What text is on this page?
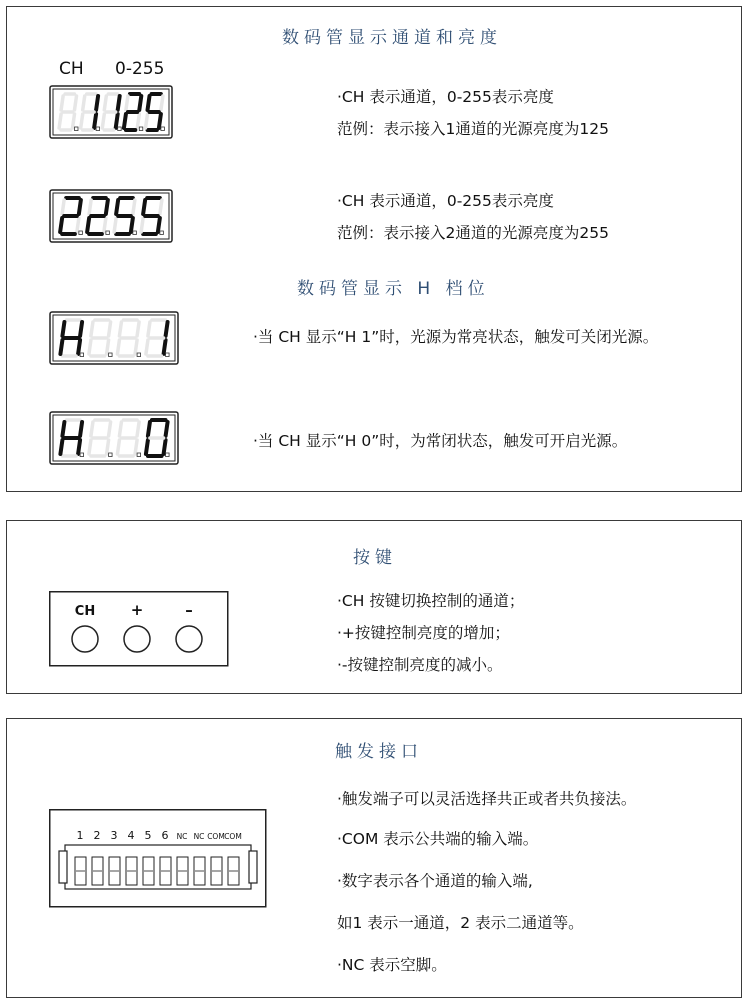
数码管显示通道和亮度
CH 0-255
·CH 表示通道，0-255表示亮度
范例：表示接入1通道的光源亮度为125
·CH 表示通道，0-255表示亮度
范例：表示接入2通道的光源亮度为255
数码管显示 H 档位
·当 CH 显示“H 1”时，光源为常亮状态，触发可关闭光源。
·当 CH 显示“H 0”时，为常闭状态，触发可开启光源。
按键
CH +	–	·CH 按键切换控制的通道；
·+按键控制亮度的增加；
·-按键控制亮度的减小。
触发接口
1 2 3 4 5 6 NC NC COM COM
·触发端子可以灵活选择共正或者共负接法。
·COM 表示公共端的输入端。
·数字表示各个通道的输入端,
如1 表示一通道，2 表示二通道等。
·NC 表示空脚。
